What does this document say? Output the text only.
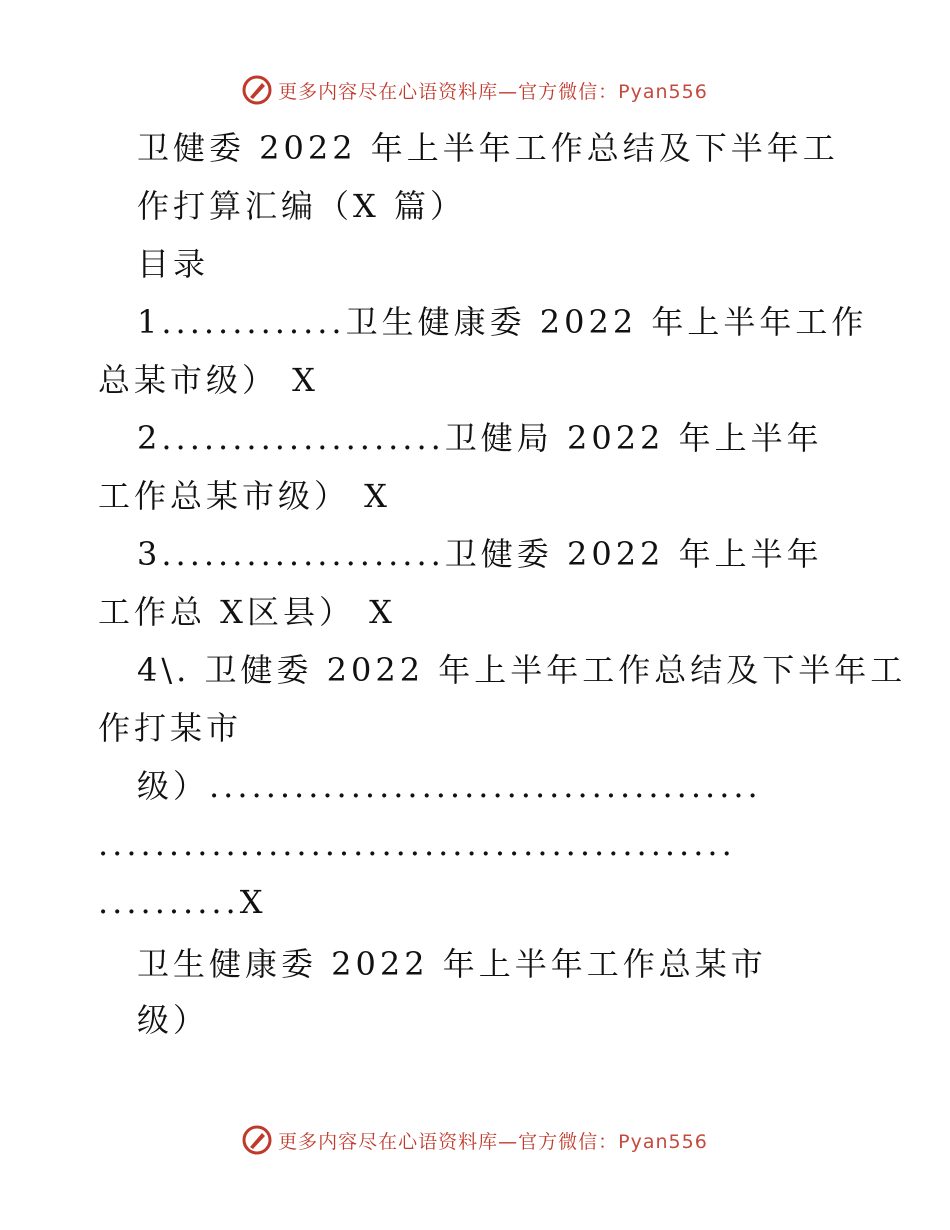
更多内容尽在心语资料库—官方微信：Pyan556
卫健委 2022 年上半年工作总结及下半年工
作打算汇编（X 篇）
目录
1.............卫生健康委 2022 年上半年工作
总某市级） X
2....................卫健局 2022 年上半年
工作总某市级） X
3....................卫健委 2022 年上半年
工作总 X区县） X
4\. 卫健委 2022 年上半年工作总结及下半年工
作打某市
级）.......................................
.............................................
..........X
卫生健康委 2022 年上半年工作总某市
级）
更多内容尽在心语资料库—官方微信：Pyan556
